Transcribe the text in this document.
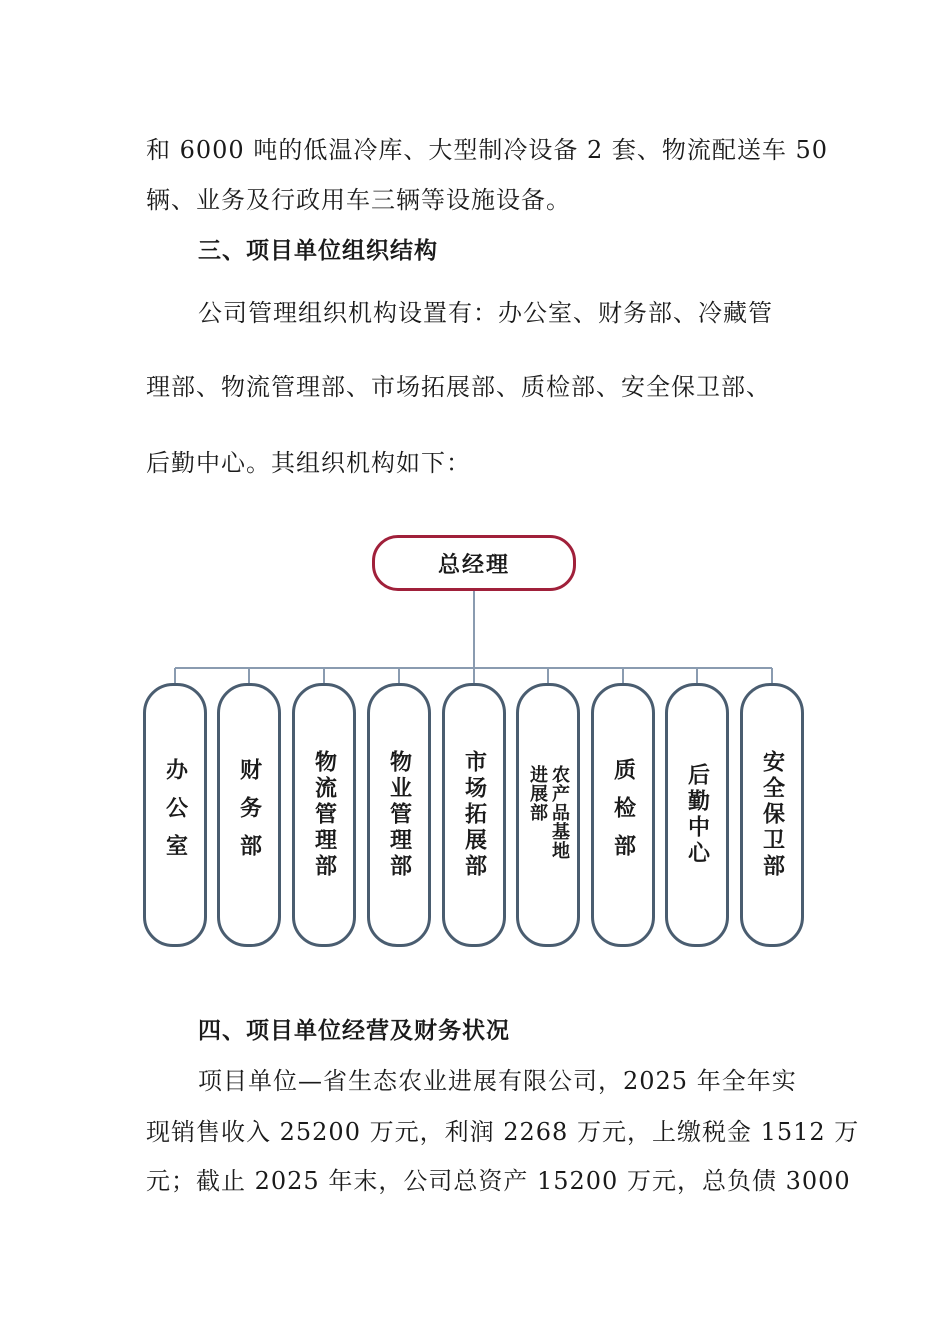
和 6000 吨的低温冷库、大型制冷设备 2 套、物流配送车 50
辆、业务及行政用车三辆等设施设备。
三、项目单位组织结构
公司管理组织机构设置有：办公室、财务部、冷藏管
理部、物流管理部、市场拓展部、质检部、安全保卫部、
后勤中心。其组织机构如下：
总经理
办公室 财务部 物流管理部 物业管理部 市场拓展部	农产品基地进展部	质检部 后勤中心 安全保卫部
四、项目单位经营及财务状况
项目单位—省生态农业进展有限公司，2025 年全年实
现销售收入 25200 万元，利润 2268 万元，上缴税金 1512 万
元；截止 2025 年末，公司总资产 15200 万元，总负债 3000
